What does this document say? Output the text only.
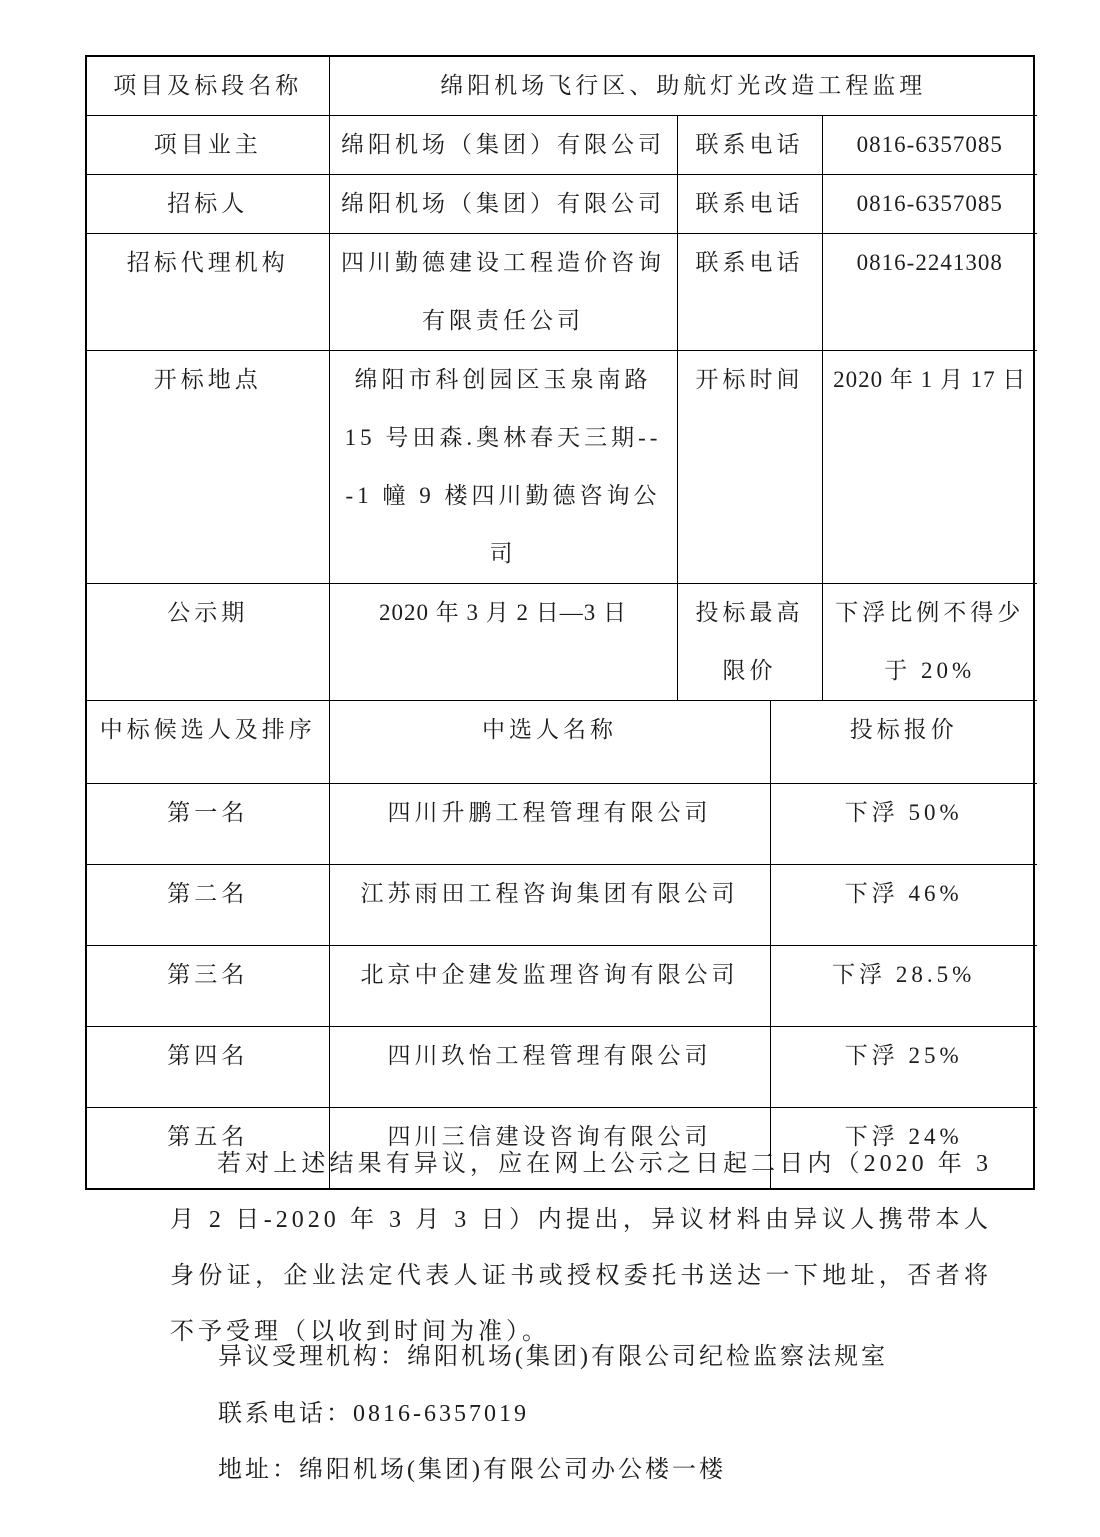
项目及标段名称	绵阳机场飞行区、助航灯光改造工程监理		
项目业主	绵阳机场（集团）有限公司	联系电话	0816-6357085
招标人	绵阳机场（集团）有限公司	联系电话	0816-6357085
招标代理机构	四川勤德建设工程造价咨询有限责任公司	联系电话	0816-2241308
开标地点	绵阳市科创园区玉泉南路 15 号田森.奥林春天三期---1 幢 9 楼四川勤德咨询公司	开标时间	2020 年 1 月 17 日
公示期	2020 年 3 月 2 日—3 日	投标最高限价	下浮比例不得少于 20%
中标候选人及排序	中选人名称	投标报价
第一名	四川升鹏工程管理有限公司	下浮 50%
第二名	江苏雨田工程咨询集团有限公司	下浮 46%
第三名	北京中企建发监理咨询有限公司	下浮 28.5%
第四名	四川玖怡工程管理有限公司	下浮 25%
第五名	四川三信建设咨询有限公司	下浮 24%

若对上述结果有异议，应在网上公示之日起二日内（2020 年 3 月 2 日-2020 年 3 月 3 日）内提出，异议材料由异议人携带本人身份证，企业法定代表人证书或授权委托书送达一下地址，否者将不予受理（以收到时间为准）。

异议受理机构：绵阳机场(集团)有限公司纪检监察法规室

联系电话：0816-6357019

地址：绵阳机场(集团)有限公司办公楼一楼
